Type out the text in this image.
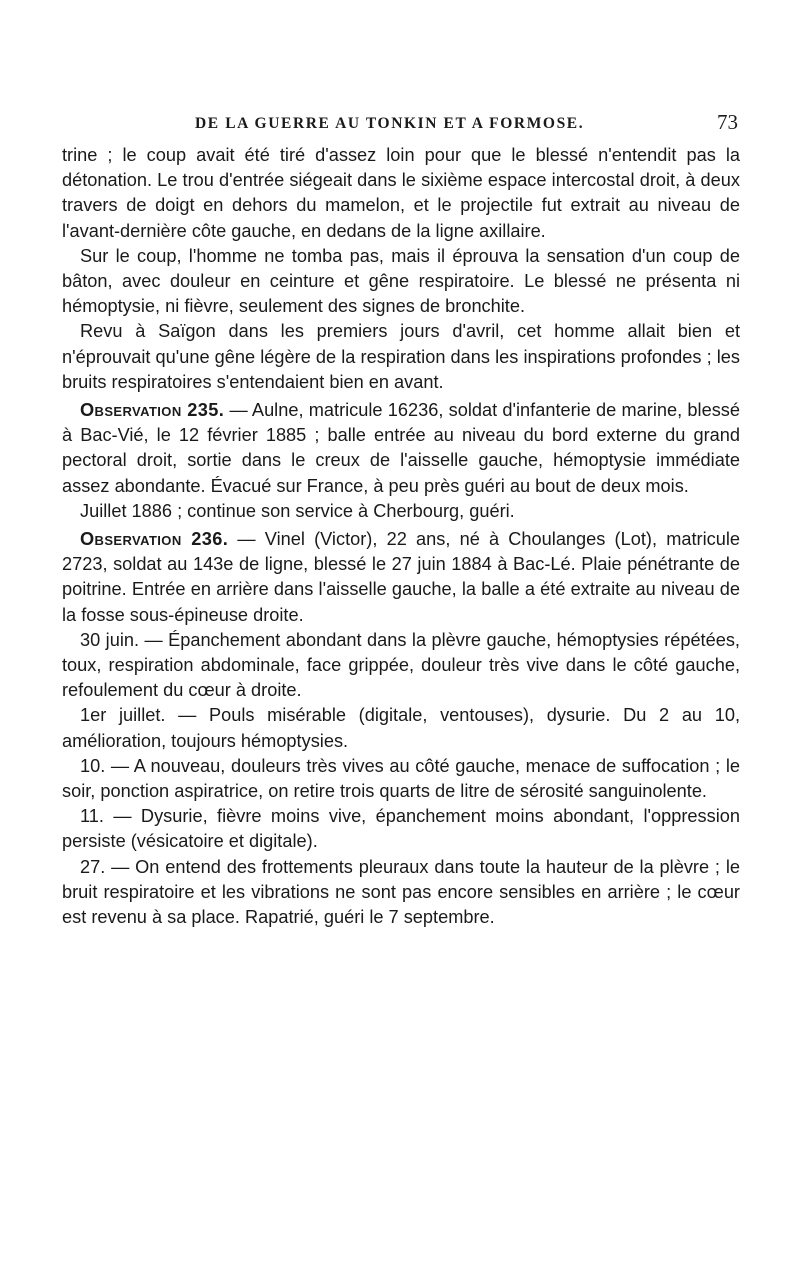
DE LA GUERRE AU TONKIN ET A FORMOSE.	73

trine ; le coup avait été tiré d'assez loin pour que le blessé n'entendit pas la détonation. Le trou d'entrée siégeait dans le sixième espace intercostal droit, à deux travers de doigt en dehors du mamelon, et le projectile fut extrait au niveau de l'avant-dernière côte gauche, en dedans de la ligne axillaire.

Sur le coup, l'homme ne tomba pas, mais il éprouva la sensation d'un coup de bâton, avec douleur en ceinture et gêne respiratoire. Le blessé ne présenta ni hémoptysie, ni fièvre, seulement des signes de bronchite.

Revu à Saïgon dans les premiers jours d'avril, cet homme allait bien et n'éprouvait qu'une gêne légère de la respiration dans les inspirations profondes ; les bruits respiratoires s'entendaient bien en avant.

Observation 235. — Aulne, matricule 16236, soldat d'infanterie de marine, blessé à Bac-Vié, le 12 février 1885 ; balle entrée au niveau du bord externe du grand pectoral droit, sortie dans le creux de l'aisselle gauche, hémoptysie immédiate assez abondante. Évacué sur France, à peu près guéri au bout de deux mois.

Juillet 1886 ; continue son service à Cherbourg, guéri.

Observation 236. — Vinel (Victor), 22 ans, né à Choulanges (Lot), matricule 2723, soldat au 143e de ligne, blessé le 27 juin 1884 à Bac-Lé. Plaie pénétrante de poitrine. Entrée en arrière dans l'aisselle gauche, la balle a été extraite au niveau de la fosse sous-épineuse droite.

30 juin. — Épanchement abondant dans la plèvre gauche, hémoptysies répétées, toux, respiration abdominale, face grippée, douleur très vive dans le côté gauche, refoulement du cœur à droite.

1er juillet. — Pouls misérable (digitale, ventouses), dysurie. Du 2 au 10, amélioration, toujours hémoptysies.

10. — A nouveau, douleurs très vives au côté gauche, menace de suffocation ; le soir, ponction aspiratrice, on retire trois quarts de litre de sérosité sanguinolente.

11. — Dysurie, fièvre moins vive, épanchement moins abondant, l'oppression persiste (vésicatoire et digitale).

27. — On entend des frottements pleuraux dans toute la hauteur de la plèvre ; le bruit respiratoire et les vibrations ne sont pas encore sensibles en arrière ; le cœur est revenu à sa place. Rapatrié, guéri le 7 septembre.
